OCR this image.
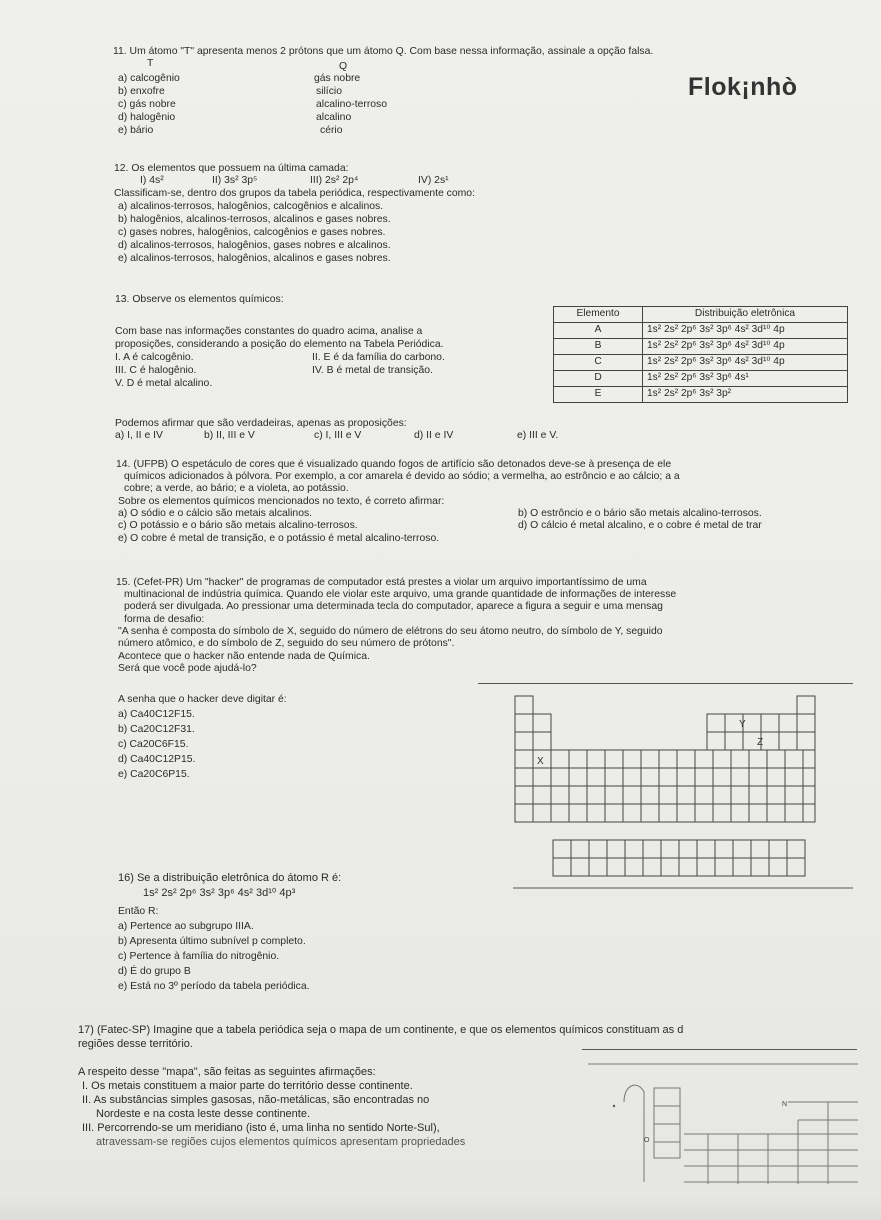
11. Um átomo "T" apresenta menos 2 prótons que um átomo Q. Com base nessa informação, assinale a opção falsa.
T	Q
a) calcogênio	gás nobre
b) enxofre	silício
c) gás nobre	alcalino-terroso
d) halogênio	alcalino
e) bário	cério
Flok¡nhò
12. Os elementos que possuem na última camada:
I) 4s²	II) 3s² 3p⁵	III) 2s² 2p⁴	IV) 2s¹
Classificam-se, dentro dos grupos da tabela periódica, respectivamente como:
a) alcalinos-terrosos, halogênios, calcogênios e alcalinos.
b) halogênios, alcalinos-terrosos, alcalinos e gases nobres.
c) gases nobres, halogênios, calcogênios e gases nobres.
d) alcalinos-terrosos, halogênios, gases nobres e alcalinos.
e) alcalinos-terrosos, halogênios, alcalinos e gases nobres.
13. Observe os elementos químicos:
Com base nas informações constantes do quadro acima, analise a
proposições, considerando a posição do elemento na Tabela Periódica.
I. A é calcogênio.	II. E é da família do carbono.
III. C é halogênio.	IV. B é metal de transição.
V. D é metal alcalino.
Podemos afirmar que são verdadeiras, apenas as proposições:
a) I, II e IV	b) II, III e V	c) I, III e V	d) II e IV	e) III e V.
Elemento	Distribuição eletrônica
A	1s² 2s² 2p⁶ 3s² 3p⁶ 4s² 3d¹⁰ 4p
B	1s² 2s² 2p⁶ 3s² 3p⁶ 4s² 3d¹⁰ 4p
C	1s² 2s² 2p⁶ 3s² 3p⁶ 4s² 3d¹⁰ 4p
D	1s² 2s² 2p⁶ 3s² 3p⁶ 4s¹
E	1s² 2s² 2p⁶ 3s² 3p²
14. (UFPB) O espetáculo de cores que é visualizado quando fogos de artifício são detonados deve-se à presença de ele
químicos adicionados à pólvora. Por exemplo, a cor amarela é devido ao sódio; a vermelha, ao estrôncio e ao cálcio; a a
cobre; a verde, ao bário; e a violeta, ao potássio.
Sobre os elementos químicos mencionados no texto, é correto afirmar:
a) O sódio e o cálcio são metais alcalinos.	b) O estrôncio e o bário são metais alcalino-terrosos.
c) O potássio e o bário são metais alcalino-terrosos.	d) O cálcio é metal alcalino, e o cobre é metal de trar
e) O cobre é metal de transição, e o potássio é metal alcalino-terroso.
15. (Cefet-PR) Um "hacker" de programas de computador está prestes a violar um arquivo importantíssimo de uma
multinacional de indústria química. Quando ele violar este arquivo, uma grande quantidade de informações de interesse
poderá ser divulgada. Ao pressionar uma determinada tecla do computador, aparece a figura a seguir e uma mensag
forma de desafio:
"A senha é composta do símbolo de X, seguido do número de elétrons do seu átomo neutro, do símbolo de Y, seguido
número atômico, e do símbolo de Z, seguido do seu número de prótons".
Acontece que o hacker não entende nada de Química.
Será que você pode ajudá-lo?
A senha que o hacker deve digitar é:
a) Ca40C12F15.
b) Ca20C12F31.
c) Ca20C6F15.
d) Ca40C12P15.
e) Ca20C6P15.
Y
Z
X
16) Se a distribuição eletrônica do átomo R é:
1s² 2s² 2p⁶ 3s² 3p⁶ 4s² 3d¹⁰ 4p³
Então R:
a) Pertence ao subgrupo IIIA.
b) Apresenta último subnível p completo.
c) Pertence à família do nitrogênio.
d) É do grupo B
e) Está no 3º período da tabela periódica.
17) (Fatec-SP) Imagine que a tabela periódica seja o mapa de um continente, e que os elementos químicos constituam as d
regiões desse território.
A respeito desse "mapa", são feitas as seguintes afirmações:
I. Os metais constituem a maior parte do território desse continente.
II. As substâncias simples gasosas, não-metálicas, são encontradas no
Nordeste e na costa leste desse continente.
III. Percorrendo-se um meridiano (isto é, uma linha no sentido Norte-Sul),
atravessam-se regiões cujos elementos químicos apresentam propriedades
N
O
